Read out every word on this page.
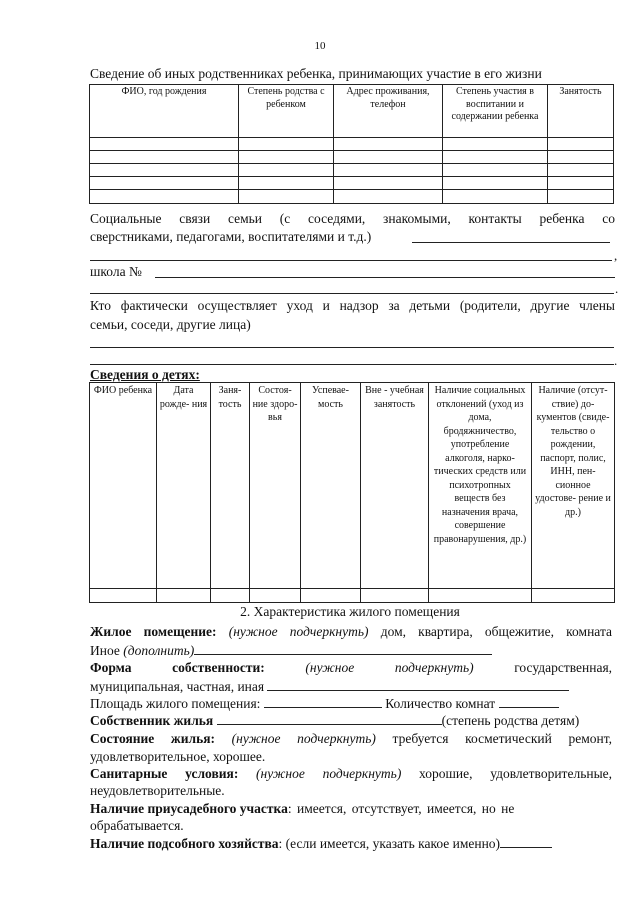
10
Сведение об иных родственниках ребенка, принимающих участие в его жизни
ФИО, год рождения	Степень родства с ребенком	Адрес проживания, телефон	Степень участия в воспитании и содержании ребенка	Занятость

Социальные связи семьи (с соседями, знакомыми, контакты ребенка со
сверстниками, педагогами, воспитателями и т.д.)
,
школа №
.
Кто фактически осуществляет уход и надзор за детьми (родители, другие члены
семьи, соседи, другие лица)
.
Сведения о детях:
ФИО ребенка	Дата рожде- ния	Заня- тость	Состоя- ние здоро- вья	Успевае- мость	Вне - учебная занятость	Наличие социальных отклонений (уход из дома, бродяжничество, употребление алкоголя, нарко- тических средств или психотропных веществ без назначения врача, совершение правонарушения, др.)	Наличие (отсут- ствие) до- кументов (свиде- тельство о рождении, паспорт, полис, ИНН, пен- сионное удостове- рение и др.)

2. Характеристика жилого помещения
Жилое помещение: (нужное подчеркнуть) дом, квартира, общежитие, комната
Иное (дополнить)
Форма	собственности:	(нужное	подчеркнуть)	государственная,
муниципальная, частная, иная
Площадь жилого помещения:	Количество комнат
Собственник жилья	(степень родства детям)
Состояние жилья: (нужное подчеркнуть) требуется косметический ремонт,
удовлетворительное, хорошее.
Санитарные условия: (нужное подчеркнуть) хорошие, удовлетворительные,
неудовлетворительные.
Наличие приусадебного участка: имеется, отсутствует, имеется, но не
обрабатывается.
Наличие подсобного хозяйства: (если имеется, указать какое именно)
